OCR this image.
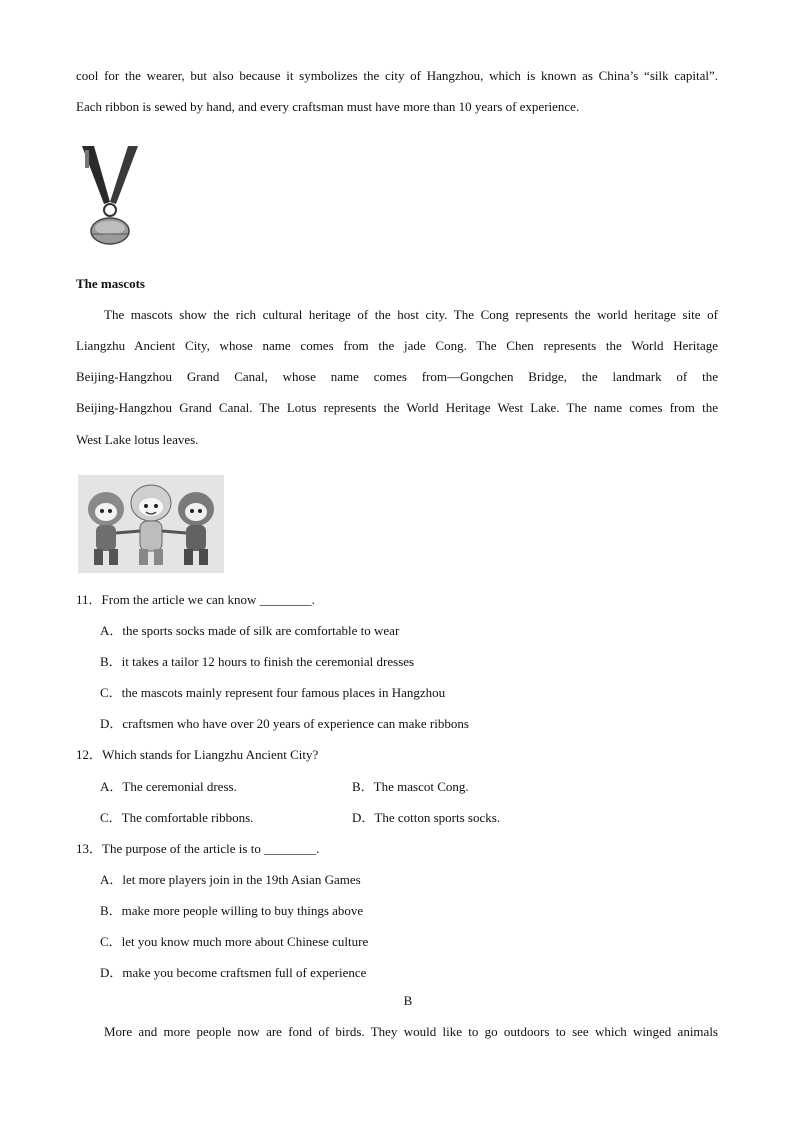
cool for the wearer, but also because it symbolizes the city of Hangzhou, which is known as China’s “silk capital”.
Each ribbon is sewed by hand, and every craftsman must have more than 10 years of experience.
The mascots
The mascots show the rich cultural heritage of the host city. The Cong represents the world heritage site of
Liangzhu Ancient City, whose name comes from the jade Cong. The Chen represents the World Heritage
Beijing-Hangzhou Grand Canal, whose name comes from—Gongchen Bridge, the landmark of the
Beijing-Hangzhou Grand Canal. The Lotus represents the World Heritage West Lake. The name comes from the
West Lake lotus leaves.
11．From the article we can know ________.
A．the sports socks made of silk are comfortable to wear
B．it takes a tailor 12 hours to finish the ceremonial dresses
C．the mascots mainly represent four famous places in Hangzhou
D．craftsmen who have over 20 years of experience can make ribbons
12．Which stands for Liangzhu Ancient City?
A．The ceremonial dress.	B．The mascot Cong.
C．The comfortable ribbons.	D．The cotton sports socks.
13．The purpose of the article is to ________.
A．let more players join in the 19th Asian Games
B．make more people willing to buy things above
C．let you know much more about Chinese culture
D．make you become craftsmen full of experience
B
More and more people now are fond of birds. They would like to go outdoors to see which winged animals
